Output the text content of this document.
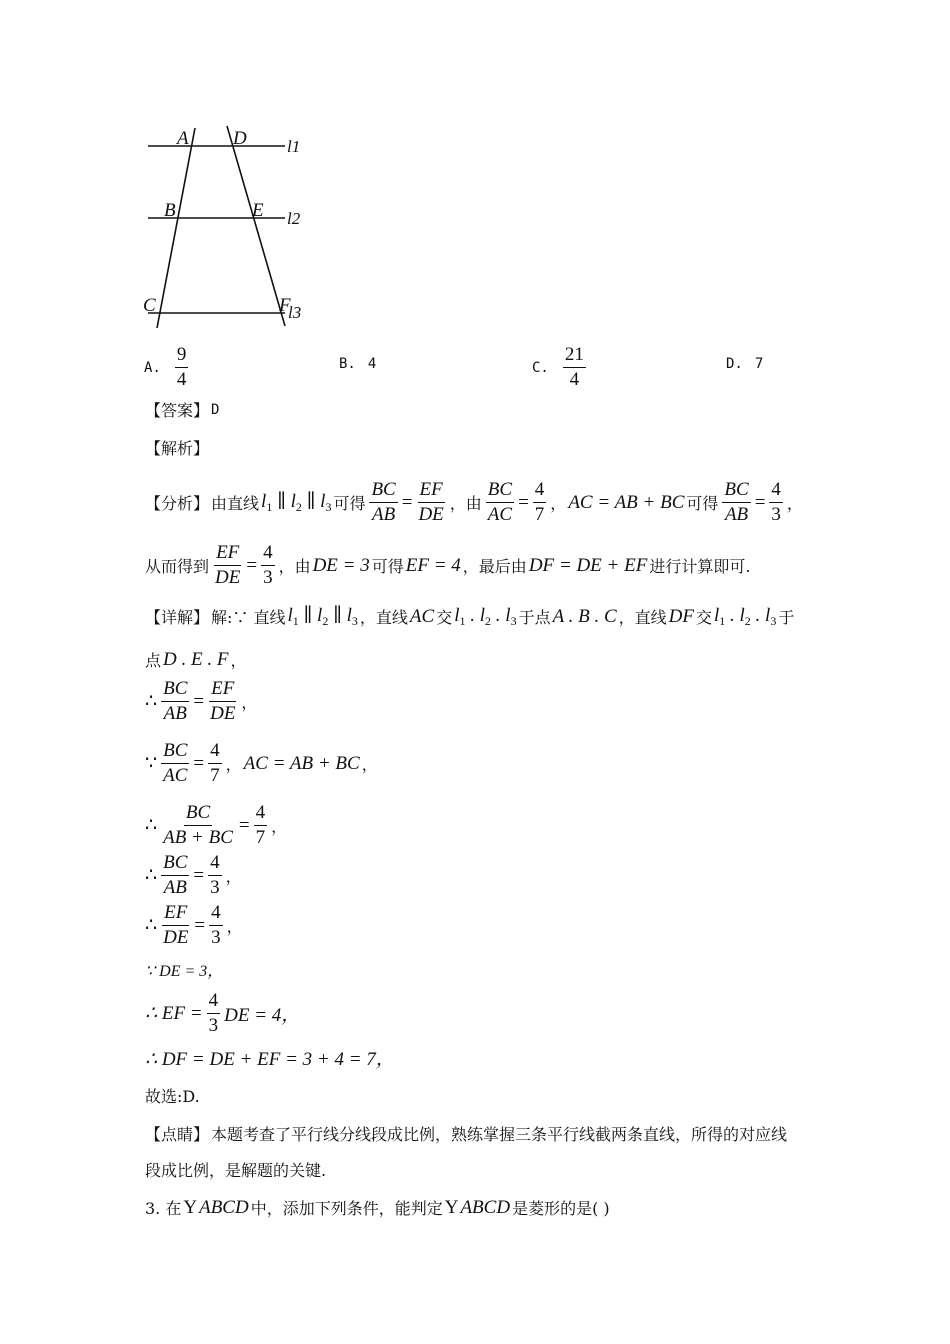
A D
B	E
C	F
l1
l2
l3
A. $\frac{9}{4}$	B. 4	C. $\frac{21}{4}$	D. 7
【答案】 D
【解析】
【分析】 由直线 $l_1$ ∥ $l_2$ ∥ $l_3$ 可得 $\frac{BC}{AB} = \frac{EF}{DE}$ ，由 $\frac{BC}{AC} = \frac{4}{7}$ ， AC = AB + BC 可得 $\frac{BC}{AB} = \frac{4}{3}$ ，
从而得到 $\frac{EF}{DE} = \frac{4}{3}$ ，由 DE = 3 可得 EF = 4 ，最后由 DF = DE + EF 进行计算即可.
【详解】 解:∵ 直线 $l_1$ ∥ $l_2$ ∥ $l_3$ ，直线 AC 交 $l_1$ . $l_2$ . $l_3$ 于点 A . B . C ，直线 DF 交 $l_1$ . $l_2$ . $l_3$ 于
点 D . E . F ，
∴ $\frac{BC}{AB} = \frac{EF}{DE}$ ，
∵ $\frac{BC}{AC} = \frac{4}{7}$ ， AC = AB + BC ，
∴ $\frac{BC}{AB + BC} = \frac{4}{7}$ ，
∴ $\frac{BC}{AB} = \frac{4}{3}$ ，
∴ $\frac{EF}{DE} = \frac{4}{3}$ ，
∵ DE = 3，
∴ EF = $\frac{4}{3}$ DE = 4，
∴ DF = DE + EF = 3 + 4 = 7，
故选:D.
【点睛】 本题考查了平行线分线段成比例，熟练掌握三条平行线截两条直线，所得的对应线
段成比例，是解题的关键.
3. 在 Y ABCD 中，添加下列条件，能判定 Y ABCD 是菱形的是( )
